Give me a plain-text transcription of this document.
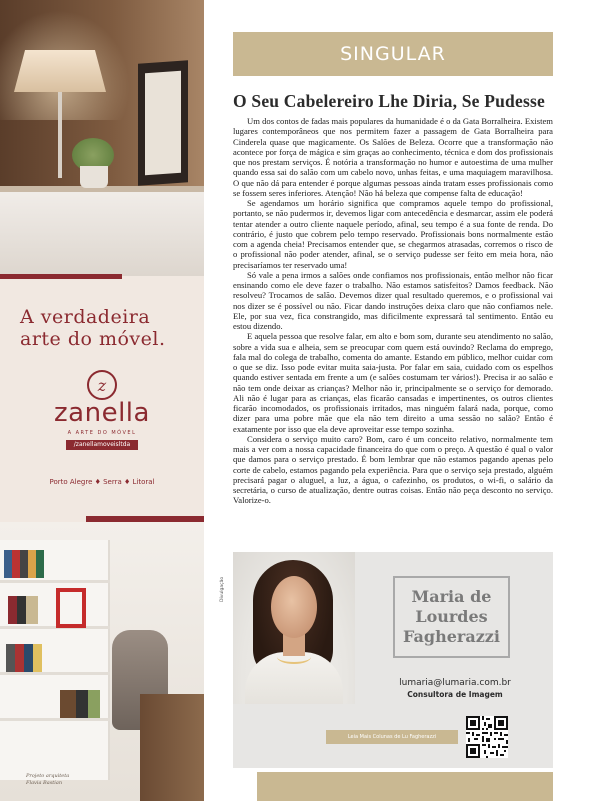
A verdadeira arte do móvel.
z
zanella
A ARTE DO MÓVEL
/zanellamoveisltda
Porto Alegre ♦ Serra ♦ Litoral
Projeto arquiteta Flavia Bastian
SINGULAR
O Seu Cabelereiro Lhe Diria, Se Pudesse

Um dos contos de fadas mais populares da humanidade é o da Gata Borralheira. Existem lugares contemporâneos que nos permitem fazer a passagem de Gata Borralheira para Cinderela quase que magicamente. Os Salões de Beleza. Ocorre que a transformação não acontece por força de mágica e sim graças ao conhecimento, técnica e dom dos profissionais que nos prestam serviços. É notória a transformação no humor e autoestima de uma mulher quando essa sai do salão com um cabelo novo, unhas feitas, e uma maquiagem maravilhosa. O que não dá para entender é porque algumas pessoas ainda tratam esses profissionais como se fossem seres inferiores. Atenção! Não há beleza que compense falta de educação!

Se agendamos um horário significa que compramos aquele tempo do profissional, portanto, se não pudermos ir, devemos ligar com antecedência e desmarcar, assim ele poderá tentar atender a outro cliente naquele período, afinal, seu tempo é a sua fonte de renda. Do contrário, é justo que cobrem pelo tempo reservado. Profissionais bons normalmente estão com a agenda cheia! Precisamos entender que, se chegarmos atrasadas, corremos o risco de o profissional não poder atender, afinal, se o serviço pudesse ser feito em meia hora, não precisaríamos ter reservado uma!

Só vale a pena irmos a salões onde confiamos nos profissionais, então melhor não ficar ensinando como ele deve fazer o trabalho. Não estamos satisfeitos? Damos feedback. Não resolveu? Trocamos de salão. Devemos dizer qual resultado queremos, e o profissional vai nos dizer se é possível ou não. Ficar dando instruções deixa claro que não confiamos nele. Ele, por sua vez, fica constrangido, mas dificilmente expressará tal sentimento. Então eu estou dizendo.

E aquela pessoa que resolve falar, em alto e bom som, durante seu atendimento no salão, sobre a vida sua e alheia, sem se preocupar com quem está ouvindo? Reclama do emprego, fala mal do colega de trabalho, comenta do amante. Estando em público, melhor cuidar com o que se diz. Isso pode evitar muita saia-justa. Por falar em saia, cuidado com os espelhos quando estiver sentada em frente a um (e salões costumam ter vários!). Precisa ir ao salão e não tem onde deixar as crianças? Melhor não ir, principalmente se o serviço for demorado. Ali não é lugar para as crianças, elas ficarão cansadas e impertinentes, os outros clientes ficarão incomodados, os profissionais irritados, mas ninguém falará nada, porque, como dizer para uma pobre mãe que ela não tem direito a uma sessão no salão? Então é exatamente por isso que ela deve aproveitar esse tempo sozinha.

Considera o serviço muito caro? Bom, caro é um conceito relativo, normalmente tem mais a ver com a nossa capacidade financeira do que com o preço. A questão é qual o valor que damos para o serviço prestado. É bom lembrar que não estamos pagando apenas pelo corte de cabelo, estamos pagando pela experiência. Para que o serviço seja prestado, alguém precisará pagar o aluguel, a luz, a água, o cafezinho, os produtos, o wi-fi, o salário da secretária, o curso de atualização, dentre outras coisas. Então não peça desconto no serviço. Valorize-o.

Divulgação	Maria de Lourdes Fagherazzi
lumaria@lumaria.com.br
Consultora de Imagem
Leia Mais Colunas de Lu Fagherazzi
